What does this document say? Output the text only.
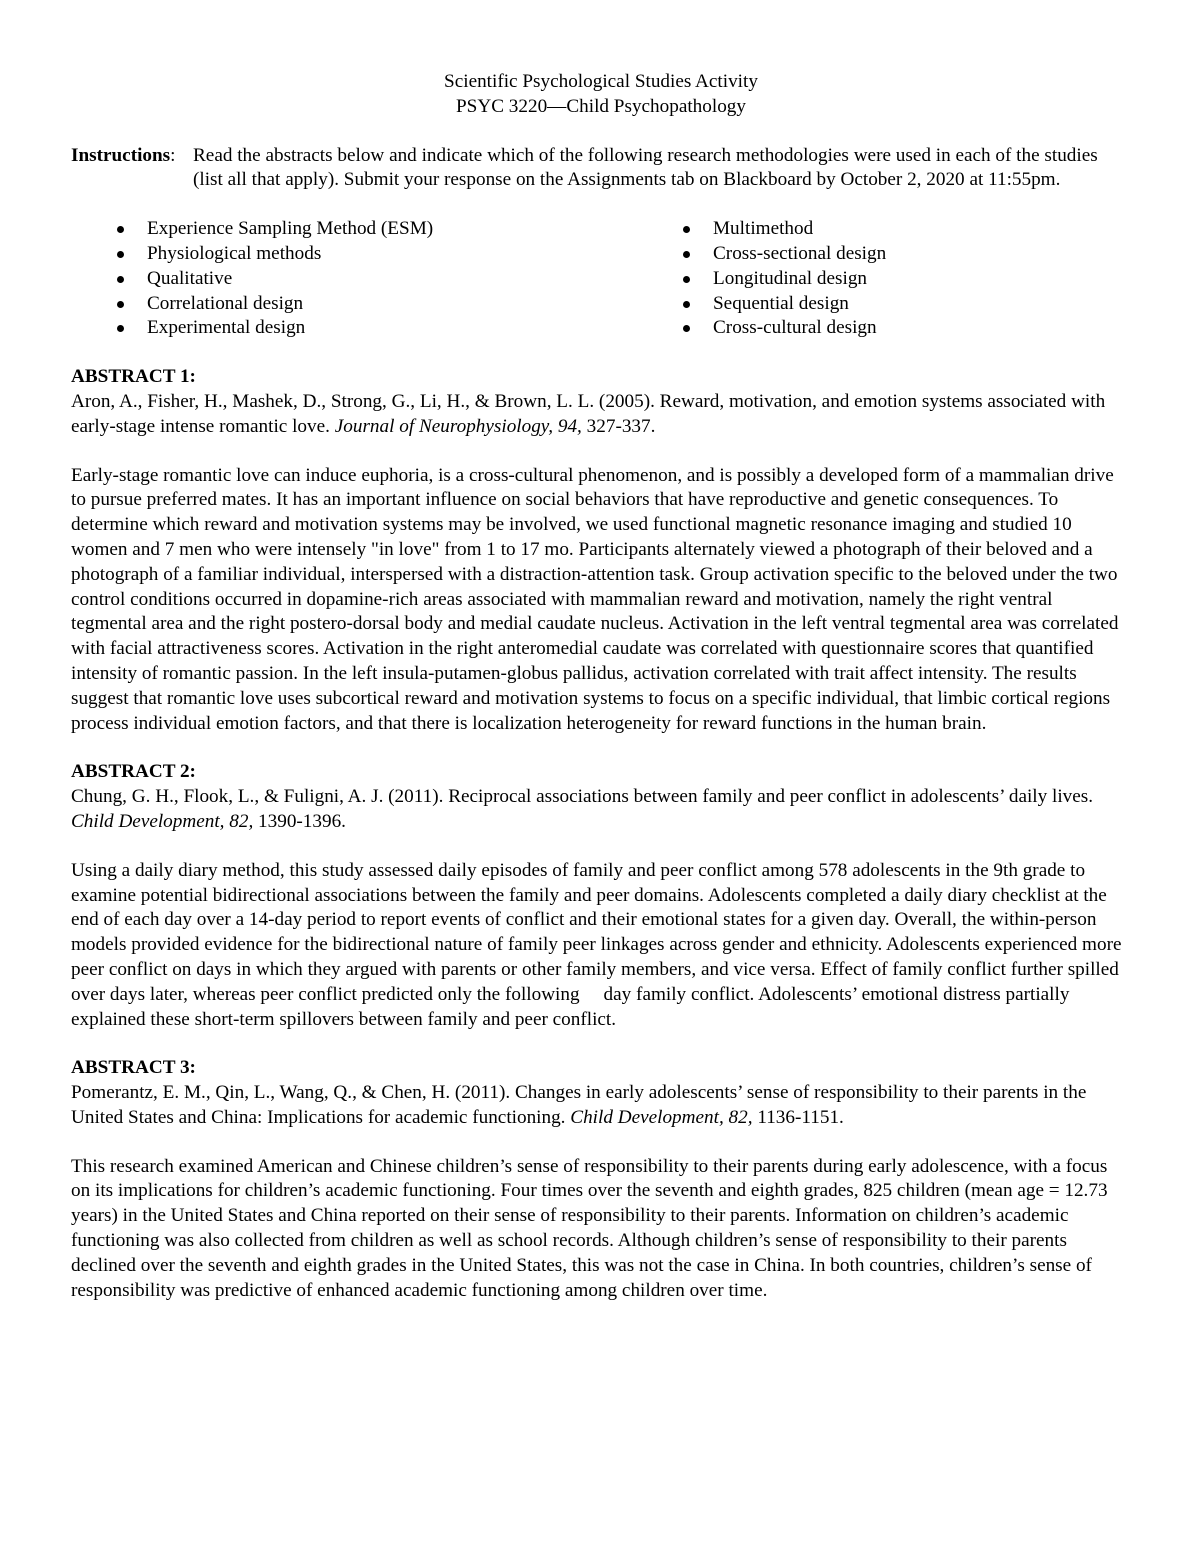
Scientific Psychological Studies Activity

PSYC 3220—Child Psychopathology

Instructions: Read the abstracts below and indicate which of the following research methodologies were used in each of the studies (list all that apply). Submit your response on the Assignments tab on Blackboard by October 2, 2020 at 11:55pm.

Experience Sampling Method (ESM)
Physiological methods
Qualitative
Correlational design
Experimental design
Multimethod
Cross-sectional design
Longitudinal design
Sequential design
Cross-cultural design

ABSTRACT 1:

Aron, A., Fisher, H., Mashek, D., Strong, G., Li, H., & Brown, L. L. (2005). Reward, motivation, and emotion systems associated with early-stage intense romantic love. Journal of Neurophysiology, 94, 327-337.

Early-stage romantic love can induce euphoria, is a cross-cultural phenomenon, and is possibly a developed form of a mammalian drive to pursue preferred mates. It has an important influence on social behaviors that have reproductive and genetic consequences. To determine which reward and motivation systems may be involved, we used functional magnetic resonance imaging and studied 10 women and 7 men who were intensely "in love" from 1 to 17 mo. Participants alternately viewed a photograph of their beloved and a photograph of a familiar individual, interspersed with a distraction-attention task. Group activation specific to the beloved under the two control conditions occurred in dopamine-rich areas associated with mammalian reward and motivation, namely the right ventral tegmental area and the right postero-dorsal body and medial caudate nucleus. Activation in the left ventral tegmental area was correlated with facial attractiveness scores. Activation in the right anteromedial caudate was correlated with questionnaire scores that quantified intensity of romantic passion. In the left insula-putamen-globus pallidus, activation correlated with trait affect intensity. The results suggest that romantic love uses subcortical reward and motivation systems to focus on a specific individual, that limbic cortical regions process individual emotion factors, and that there is localization heterogeneity for reward functions in the human brain.

ABSTRACT 2:

Chung, G. H., Flook, L., & Fuligni, A. J. (2011). Reciprocal associations between family and peer conflict in adolescents’ daily lives. Child Development, 82, 1390-1396.

Using a daily diary method, this study assessed daily episodes of family and peer conflict among 578 adolescents in the 9th grade to examine potential bidirectional associations between the family and peer domains. Adolescents completed a daily diary checklist at the end of each day over a 14-day period to report events of conflict and their emotional states for a given day. Overall, the within-person models provided evidence for the bidirectional nature of family peer linkages across gender and ethnicity. Adolescents experienced more peer conflict on days in which they argued with parents or other family members, and vice versa. Effect of family conflict further spilled over days later, whereas peer conflict predicted only the following     day family conflict. Adolescents’ emotional distress partially explained these short-term spillovers between family and peer conflict.

ABSTRACT 3:

Pomerantz, E. M., Qin, L., Wang, Q., & Chen, H. (2011). Changes in early adolescents’ sense of responsibility to their parents in the United States and China: Implications for academic functioning. Child Development, 82, 1136-1151.

This research examined American and Chinese children’s sense of responsibility to their parents during early adolescence, with a focus on its implications for children’s academic functioning. Four times over the seventh and eighth grades, 825 children (mean age = 12.73 years) in the United States and China reported on their sense of responsibility to their parents. Information on children’s academic functioning was also collected from children as well as school records. Although children’s sense of responsibility to their parents declined over the seventh and eighth grades in the United States, this was not the case in China. In both countries, children’s sense of responsibility was predictive of enhanced academic functioning among children over time.
